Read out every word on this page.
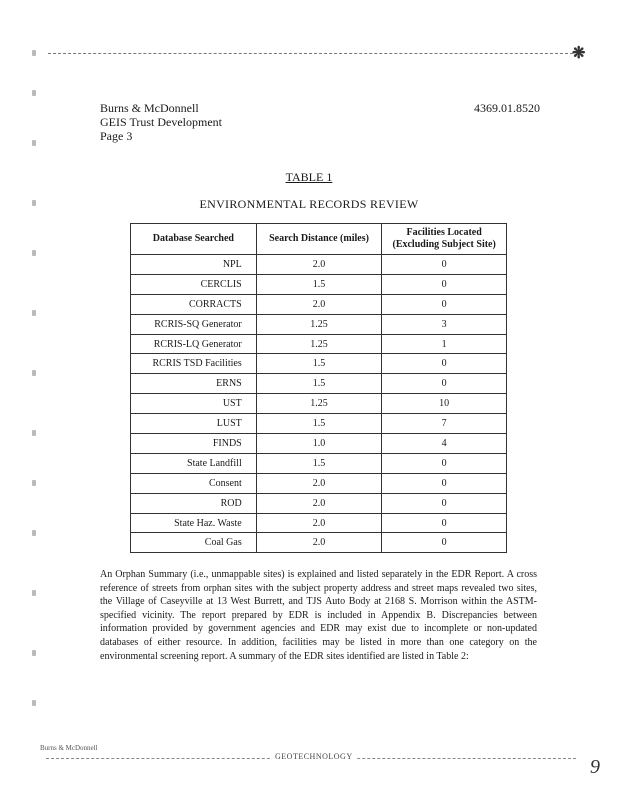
❋
Burns & McDonnell
GEIS Trust Development
Page 3
4369.01.8520
TABLE 1
ENVIRONMENTAL RECORDS REVIEW
Database Searched	Search Distance (miles)	Facilities Located (Excluding Subject Site)
NPL	2.0	0
CERCLIS	1.5	0
CORRACTS	2.0	0
RCRIS-SQ Generator	1.25	3
RCRIS-LQ Generator	1.25	1
RCRIS TSD Facilities	1.5	0
ERNS	1.5	0
UST	1.25	10
LUST	1.5	7
FINDS	1.0	4
State Landfill	1.5	0
Consent	2.0	0
ROD	2.0	0
State Haz. Waste	2.0	0
Coal Gas	2.0	0

An Orphan Summary (i.e., unmappable sites) is explained and listed separately in the EDR Report. A cross reference of streets from orphan sites with the subject property address and street maps revealed two sites, the Village of Caseyville at 13 West Burrett, and TJS Auto Body at 2168 S. Morrison within the ASTM-specified vicinity. The report prepared by EDR is included in Appendix B. Discrepancies between information provided by government agencies and EDR may exist due to incomplete or non-updated databases of either resource. In addition, facilities may be listed in more than one category on the environmental screening report. A summary of the EDR sites identified are listed in Table 2:

Burns & McDonnell
GEOTECHNOLOGY	9
